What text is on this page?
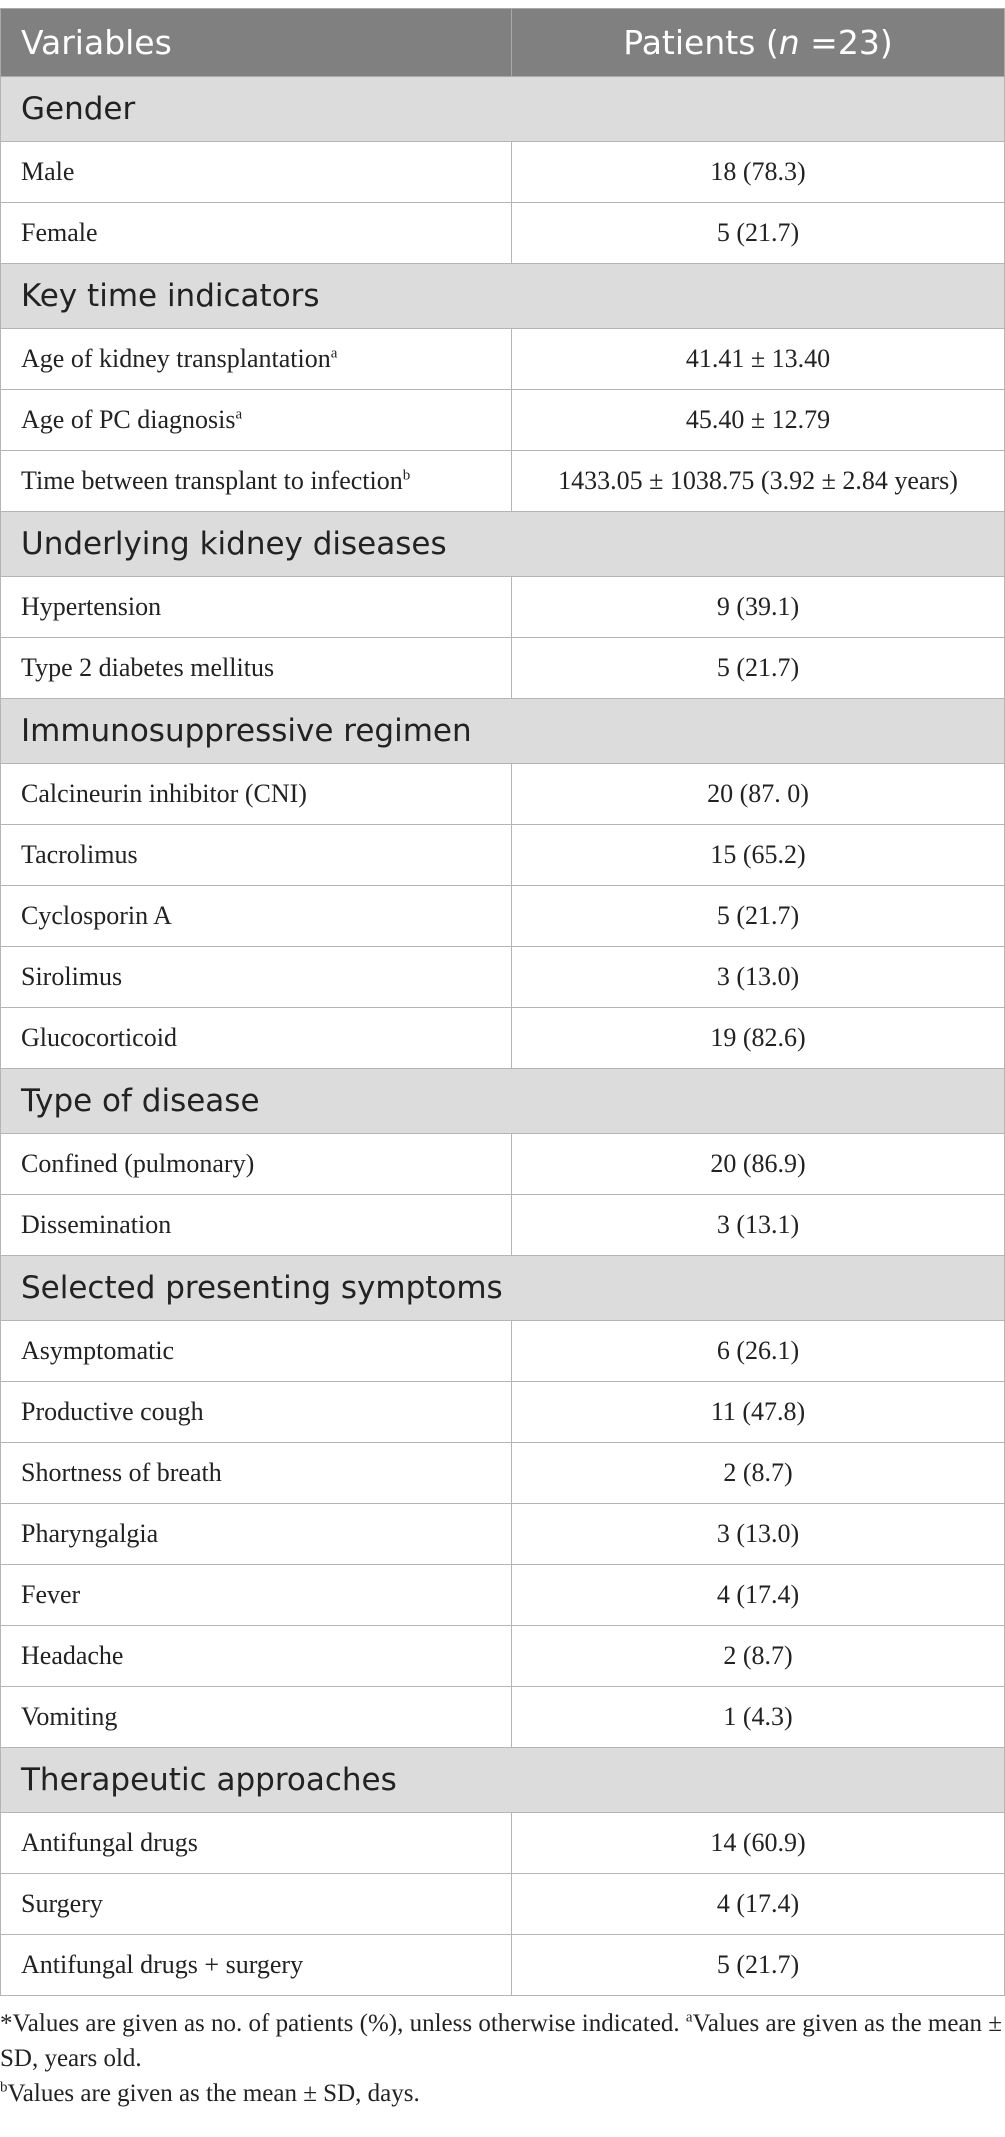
Variables	Patients (n =23)
Gender	
Male	18 (78.3)
Female	5 (21.7)
Key time indicators	
Age of kidney transplantation$^a$	41.41 ± 13.40
Age of PC diagnosis$^a$	45.40 ± 12.79
Time between transplant to infection$^b$	1433.05 ± 1038.75 (3.92 ± 2.84 years)
Underlying kidney diseases	
Hypertension	9 (39.1)
Type 2 diabetes mellitus	5 (21.7)
Immunosuppressive regimen	
Calcineurin inhibitor (CNI)	20 (87. 0)
Tacrolimus	15 (65.2)
Cyclosporin A	5 (21.7)
Sirolimus	3 (13.0)
Glucocorticoid	19 (82.6)
Type of disease	
Confined (pulmonary)	20 (86.9)
Dissemination	3 (13.1)
Selected presenting symptoms	
Asymptomatic	6 (26.1)
Productive cough	11 (47.8)
Shortness of breath	2 (8.7)
Pharyngalgia	3 (13.0)
Fever	4 (17.4)
Headache	2 (8.7)
Vomiting	1 (4.3)
Therapeutic approaches	
Antifungal drugs	14 (60.9)
Surgery	4 (17.4)
Antifungal drugs + surgery	5 (21.7)

*Values are given as no. of patients (%), unless otherwise indicated. $^a$Values are given as the mean ± SD, years old.

$^b$Values are given as the mean ± SD, days.
